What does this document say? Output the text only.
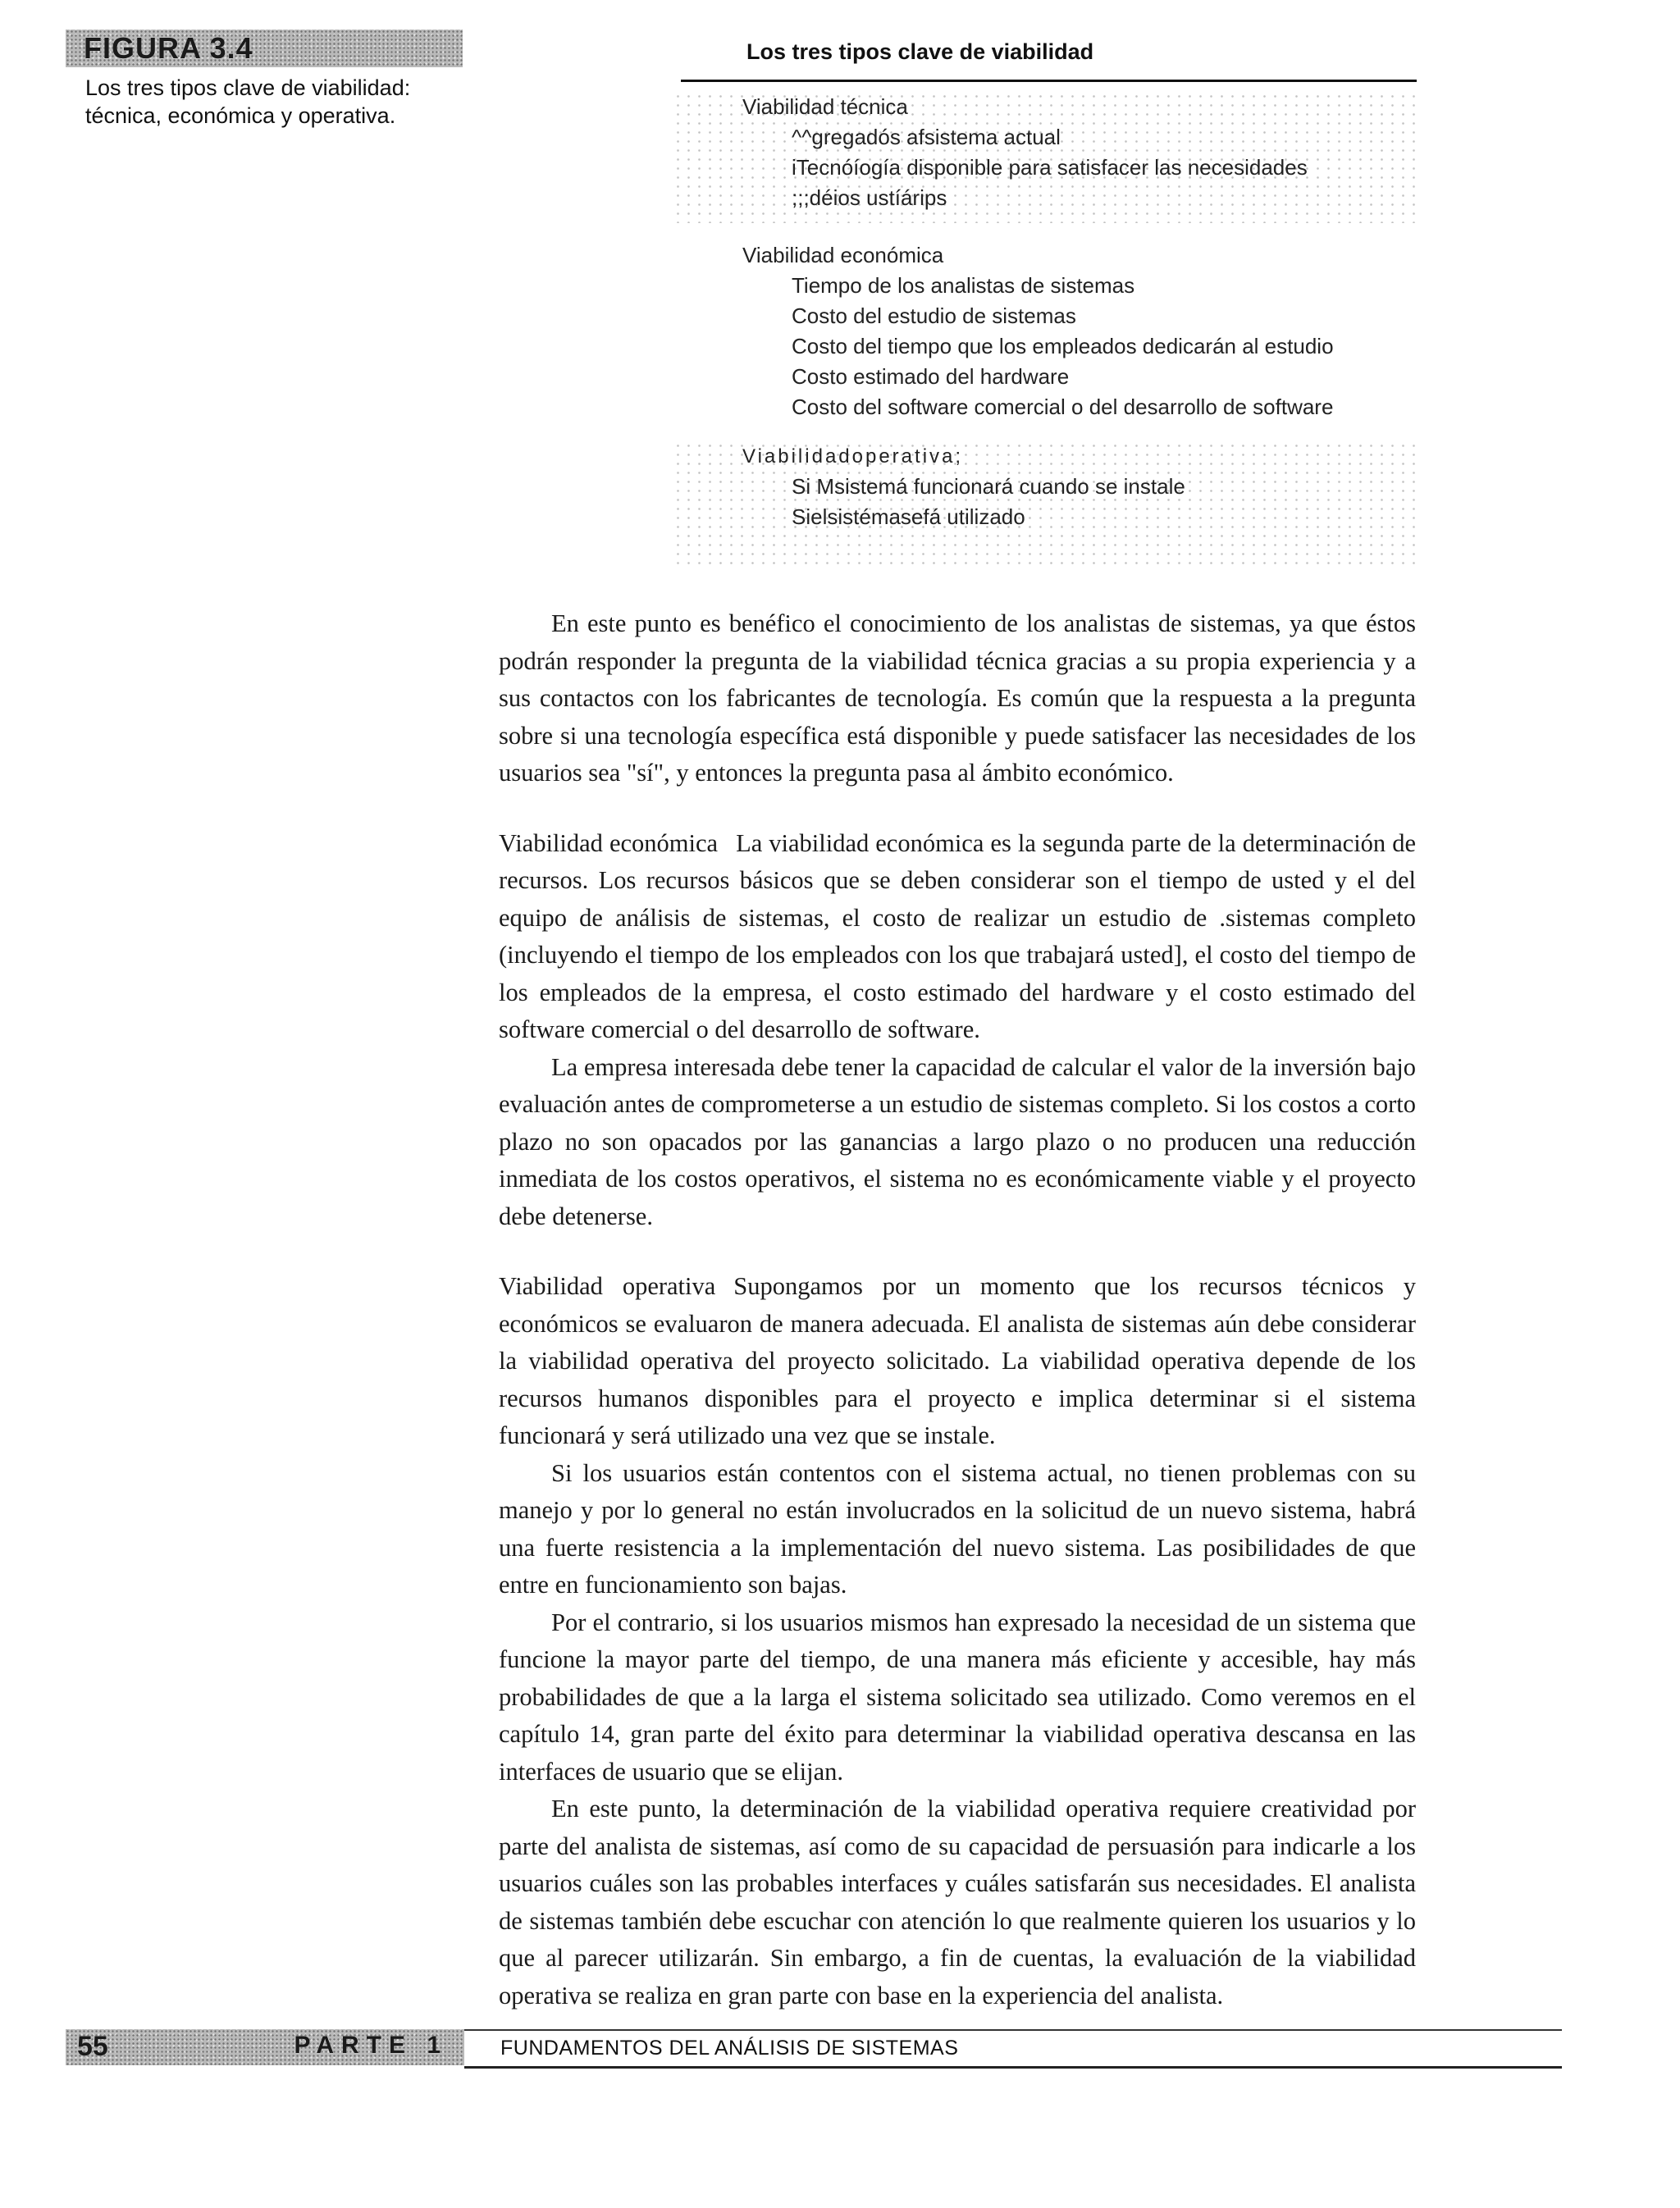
FIGURA 3.4
Los tres tipos clave de viabilidad: técnica, económica y operativa.
Los tres tipos clave de viabilidad
Viabilidad técnica
^^gregadós afsistema actual
iTecnóíogía disponible para satisfacer las necesidades
;;;déios ustíárips
Viabilidad económica
Tiempo de los analistas de sistemas
Costo del estudio de sistemas
Costo del tiempo que los empleados dedicarán al estudio
Costo estimado del hardware
Costo del software comercial o del desarrollo de software
Viabilidadoperativa;
Si Msistemá funcionará cuando se instale
Sielsistémasefá utilizado

En este punto es benéfico el conocimiento de los analistas de sistemas, ya que éstos podrán responder la pregunta de la viabilidad técnica gracias a su propia experiencia y a sus contactos con los fabricantes de tecnología. Es común que la respuesta a la pregunta sobre si una tecnología específica está disponible y puede satisfacer las necesidades de los usuarios sea "sí", y entonces la pregunta pasa al ámbito económico.

Viabilidad económica La viabilidad económica es la segunda parte de la determinación de recursos. Los recursos básicos que se deben considerar son el tiempo de usted y el del equipo de análisis de sistemas, el costo de realizar un estudio de .sistemas completo (incluyendo el tiempo de los empleados con los que trabajará usted], el costo del tiempo de los empleados de la empresa, el costo estimado del hardware y el costo estimado del software comercial o del desarrollo de software.

La empresa interesada debe tener la capacidad de calcular el valor de la inversión bajo evaluación antes de comprometerse a un estudio de sistemas completo. Si los costos a corto plazo no son opacados por las ganancias a largo plazo o no producen una reducción inmediata de los costos operativos, el sistema no es económicamente viable y el proyecto debe detenerse.

Viabilidad operativa Supongamos por un momento que los recursos técnicos y económicos se evaluaron de manera adecuada. El analista de sistemas aún debe considerar la viabilidad operativa del proyecto solicitado. La viabilidad operativa depende de los recursos humanos disponibles para el proyecto e implica determinar si el sistema funcionará y será utilizado una vez que se instale.

Si los usuarios están contentos con el sistema actual, no tienen problemas con su manejo y por lo general no están involucrados en la solicitud de un nuevo sistema, habrá una fuerte resistencia a la implementación del nuevo sistema. Las posibilidades de que entre en funcionamiento son bajas.

Por el contrario, si los usuarios mismos han expresado la necesidad de un sistema que funcione la mayor parte del tiempo, de una manera más eficiente y accesible, hay más probabilidades de que a la larga el sistema solicitado sea utilizado. Como veremos en el capítulo 14, gran parte del éxito para determinar la viabilidad operativa descansa en las interfaces de usuario que se elijan.

En este punto, la determinación de la viabilidad operativa requiere creatividad por parte del analista de sistemas, así como de su capacidad de persuasión para indicarle a los usuarios cuáles son las probables interfaces y cuáles satisfarán sus necesidades. El analista de sistemas también debe escuchar con atención lo que realmente quieren los usuarios y lo que al parecer utilizarán. Sin embargo, a fin de cuentas, la evaluación de la viabilidad operativa se realiza en gran parte con base en la experiencia del analista.

55	PARTE 1	FUNDAMENTOS DEL ANÁLISIS DE SISTEMAS
